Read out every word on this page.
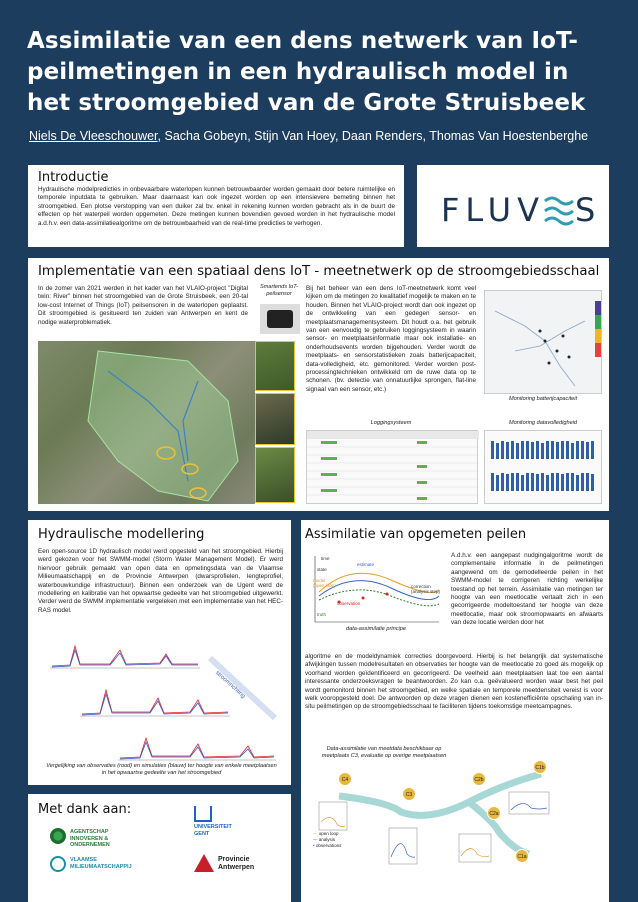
Assimilatie van een dens netwerk van IoT-peilmetingen in een hydraulisch model in het stroomgebied van de Grote Struisbeek
Niels De Vleeschouwer, Sacha Gobeyn, Stijn Van Hoey, Daan Renders, Thomas Van Hoestenberghe
Introductie
Hydraulische modelpredicties in onbevaarbare waterlopen kunnen betrouwbaarder worden gemaakt door betere ruimtelijke en temporele inputdata te gebruiken. Maar daarnaast kan ook ingezet worden op een intensievere bemeting binnen het stroomgebied. Een plotse verstopping van een duiker zal bv. enkel in rekening kunnen worden gebracht als in de buurt de effecten op het waterpeil worden opgemeten. Deze metingen kunnen bovendien gevoed worden in het hydraulische model a.d.h.v. een data-assimilatiealgoritme om de betrouwbaarheid van de real-time predicties te verhogen.	FLUV S
Implementatie van een spatiaal dens IoT - meetnetwerk op de stroomgebiedsschaal
In de zomer van 2021 werden in het kader van het VLAIO-project "Digital twin: River" binnen het stroomgebied van de Grote Struisbeek, een 20-tal low-cost Internet of Things (IoT) peilsensoren in de waterlopen geplaatst. Dit stroomgebied is gesitueerd ten zuiden van Antwerpen en kent de nodige waterproblematiek.
Smartends IoT-peilsensor
Bij het beheer van een dens IoT-meetnetwerk komt veel kijken om de metingen zo kwalitatief mogelijk te maken en te houden. Binnen het VLAIO-project wordt dan ook ingezet op de ontwikkeling van een gedegen sensor- en meetplaatsmanagementsysteem. Dit houdt o.a. het gebruik van een eenvoudig te gebruiken loggingsysteem in waarin sensor- en meetplaatsinformatie maar ook installatie- en onderhoudsevents worden bijgehouden. Verder wordt de meetplaats- en sensorstatistieken zoals batterijcapaciteit, data-volledigheid, etc. gemonitored. Verder worden post-processingtechnieken ontwikkeld om de ruwe data op te schonen. (bv. detectie van onnatuurlijke sprongen, flat-line signaal van een sensor, etc.)
Monitoring batterijcapaciteit
Loggingsysteem	Monitoring datavolledigheid
Hydraulische modellering
Een open-source 1D hydraulisch model werd opgesteld van het stroomgebied. Hierbij werd gekozen voor het SWMM-model (Storm Water Management Model). Er werd hiervoor gebruik gemaakt van open data en opmetingsdata van de Vlaamse Milieumaatschappij en de Provincie Antwerpen (dwarsprofielen, lengteprofiel, waterbouwkundige infrastructuur). Binnen een onderzoek van de Ugent werd de modellering en kalibratie van het opwaartse gedeelte van het stroomgebied uitgewerkt. Verder werd de SWMM implementatie vergeleken met een implementatie van het HEC-RAS model.
stroomrichting
Vergelijking van observaties (rood) en simulaties (blauw) ter hoogte van enkele meetplaatsen in het opwaartse gedeelte van het stroomgebied
Assimilatie van opgemeten peilen
time
state
estimate
model (open loop)
observation
correction (analysis step)
truth
data-assimilatie principe
A.d.h.v. een aangepast nudgingalgoritme wordt de complementaire informatie in de peilmetingen aangewend om de gemodelleerde peilen in het SWMM-model te corrigeren richting werkelijke toestand op het terrein. Assimilatie van metingen ter hoogte van een meetlocatie vertaalt zich in een gecorrigeerde modeltoestand ter hoogte van deze meetlocatie, maar ook stroomopwaarts en afwaarts van deze locatie werden door het
algoritme en de modeldynamiek correcties doorgevoerd. Hierbij is het belangrijk dat systematische afwijkingen tussen modelresultaten en observaties ter hoogte van de meetlocatie zo goed als mogelijk op voorhand worden geïdentificeerd en gecorrigeerd. De veelheid aan meetplaatsen laat toe een aantal interessante onderzoeksvragen te beantwoorden. Zo kan o.a. geëvalueerd worden waar best het peil wordt gemonitord binnen het stroomgebied, en welke spatiale en temporele meetdensiteit vereist is voor welk vooropgesteld doel. De antwoorden op deze vragen dienen een kostenefficiënte opschaling van in-situ peilmetingen op de stroomgebiedsschaal te faciliteren tijdens toekomstige meetcampagnes.
Data-assimilatie van meetdata beschikbaar op meetplaats C3, evaluatie op overige meetplaatsen
C4
C3
C2b
C1b
C2a
C1a
— open loop
— analysis
• observations
Met dank aan:
AGENTSCHAP INNOVEREN & ONDERNEMEN
UNIVERSITEIT GENT
VLAAMSE MILIEUMAATSCHAPPIJ
Provincie Antwerpen
